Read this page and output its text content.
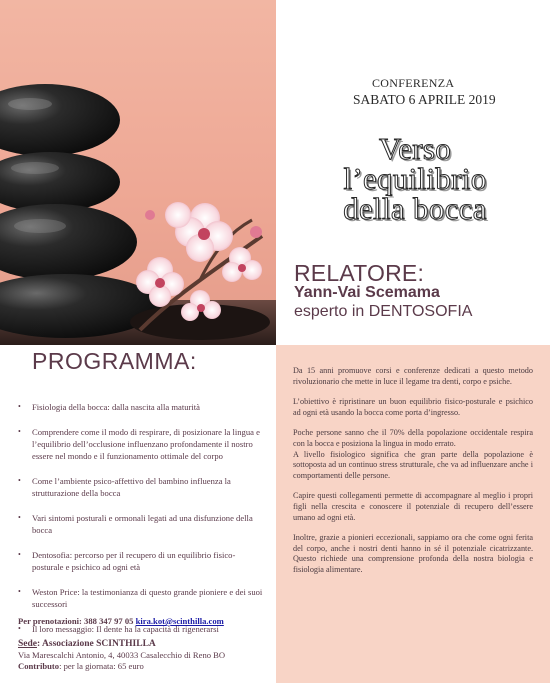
CONFERENZA
SABATO 6 APRILE 2019
Verso
l’equilibrio
della bocca
RELATORE:
Yann-Vai Scemama
esperto in DENTOSOFIA
PROGRAMMA:
• Fisiologia della bocca: dalla nascita alla maturità
• Comprendere come il modo di respirare, di posizionare la lingua e l’equilibrio dell’occlusione influenzano profondamente il nostro essere nel mondo e il funzionamento ottimale del corpo
• Come l’ambiente psico-affettivo del bambino influenza la strutturazione della bocca
• Vari sintomi posturali e ormonali legati ad una disfunzione della bocca
• Dentosofia: percorso per il recupero di un equilibrio fisico-posturale e psichico ad ogni età
• Weston Price: la testimonianza di questo grande pioniere e dei suoi successori
• Il loro messaggio: Il dente ha la capacità di rigenerarsi
Per prenotazioni: 388 347 97 05 kira.kot@scinthilla.com
Sede: Associazione SCINTHILLA
Via Marescalchi Antonio, 4, 40033 Casalecchio di Reno BO
Contributo: per la giornata: 65 euro

Da 15 anni promuove corsi e conferenze dedicati a questo metodo rivoluzionario che mette in luce il legame tra denti, corpo e psiche.

L’obiettivo è ripristinare un buon equilibrio fisico-posturale e psichico ad ogni età usando la bocca come porta d’ingresso.

Poche persone sanno che il 70% della popolazione occidentale respira con la bocca e posiziona la lingua in modo errato.

A livello fisiologico significa che gran parte della popolazione è sottoposta ad un continuo stress strutturale, che va ad influenzare anche i comportamenti delle persone.

Capire questi collegamenti permette di accompagnare al meglio i propri figli nella crescita e conoscere il potenziale di recupero dell’essere umano ad ogni età.

Inoltre, grazie a pionieri eccezionali, sappiamo ora che come ogni ferita del corpo, anche i nostri denti hanno in sé il potenziale cicatrizzante. Questo richiede una comprensione profonda della nostra biologia e fisiologia alimentare.
